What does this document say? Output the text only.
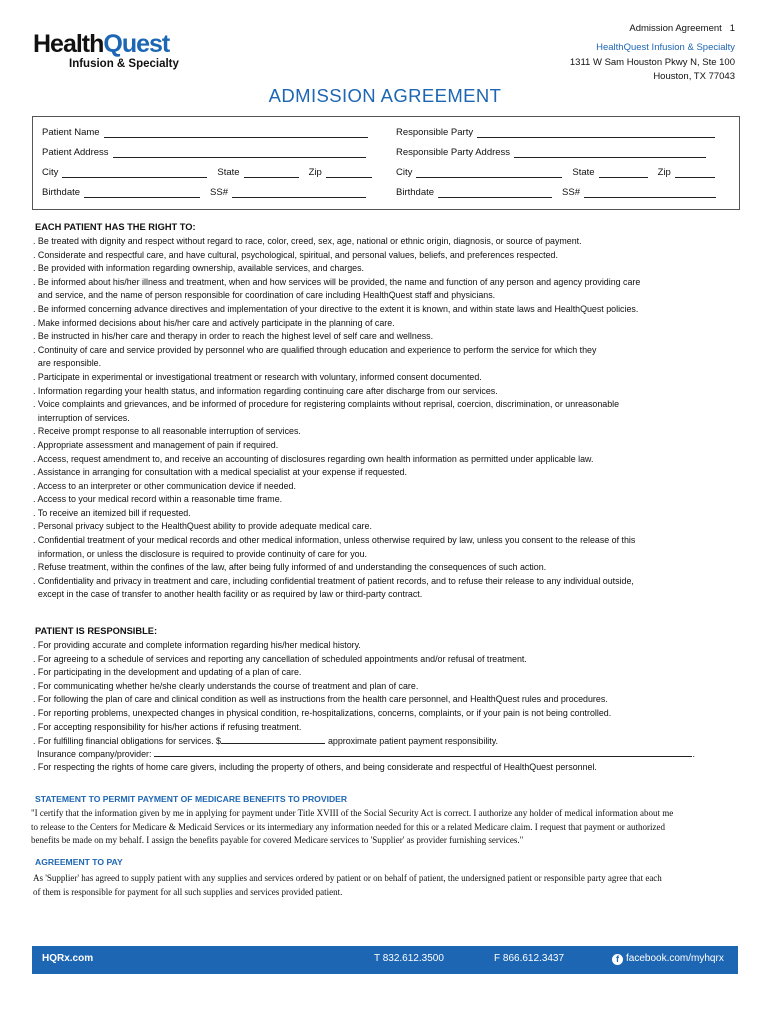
HealthQuest
Infusion & Specialty
Admission Agreement   1
HealthQuest Infusion & Specialty
1311 W Sam Houston Pkwy N, Ste 100
Houston, TX 77043
ADMISSION AGREEMENT
Patient Name
Patient Address
City	State	Zip
Birthdate	SS#
Responsible Party
Responsible Party Address
City	State	Zip
Birthdate	SS#
EACH PATIENT HAS THE RIGHT TO:
. Be treated with dignity and respect without regard to race, color, creed, sex, age, national or ethnic origin, diagnosis, or source of payment.
. Considerate and respectful care, and have cultural, psychological, spiritual, and personal values, beliefs, and preferences respected.
. Be provided with information regarding ownership, available services, and charges.
. Be informed about his/her illness and treatment, when and how services will be provided, the name and function of any person and agency providing care
and service, and the name of person responsible for coordination of care including HealthQuest staff and physicians.
. Be informed concerning advance directives and implementation of your directive to the extent it is known, and within state laws and HealthQuest policies.
. Make informed decisions about his/her care and actively participate in the planning of care.
. Be instructed in his/her care and therapy in order to reach the highest level of self care and wellness.
. Continuity of care and service provided by personnel who are qualified through education and experience to perform the service for which they
are responsible.
. Participate in experimental or investigational treatment or research with voluntary, informed consent documented.
. Information regarding your health status, and information regarding continuing care after discharge from our services.
. Voice complaints and grievances, and be informed of procedure for registering complaints without reprisal, coercion, discrimination, or unreasonable
interruption of services.
. Receive prompt response to all reasonable interruption of services.
. Appropriate assessment and management of pain if required.
. Access, request amendment to, and receive an accounting of disclosures regarding own health information as permitted under applicable law.
. Assistance in arranging for consultation with a medical specialist at your expense if requested.
. Access to an interpreter or other communication device if needed.
. Access to your medical record within a reasonable time frame.
. To receive an itemized bill if requested.
. Personal privacy subject to the HealthQuest ability to provide adequate medical care.
. Confidential treatment of your medical records and other medical information, unless otherwise required by law, unless you consent to the release of this
information, or unless the disclosure is required to provide continuity of care for you.
. Refuse treatment, within the confines of the law, after being fully informed of and understanding the consequences of such action.
. Confidentiality and privacy in treatment and care, including confidential treatment of patient records, and to refuse their release to any individual outside,
except in the case of transfer to another health facility or as required by law or third-party contract.
PATIENT IS RESPONSIBLE:
. For providing accurate and complete information regarding his/her medical history.
. For agreeing to a schedule of services and reporting any cancellation of scheduled appointments and/or refusal of treatment.
. For participating in the development and updating of a plan of care.
. For communicating whether he/she clearly understands the course of treatment and plan of care.
. For following the plan of care and clinical condition as well as instructions from the health care personnel, and HealthQuest rules and procedures.
. For reporting problems, unexpected changes in physical condition, re-hospitalizations, concerns, complaints, or if your pain is not being controlled.
. For accepting responsibility for his/her actions if refusing treatment.
. For fulfilling financial obligations for services. $	approximate patient payment responsibility.
Insurance company/provider:	.
. For respecting the rights of home care givers, including the property of others, and being considerate and respectful of HealthQuest personnel.
STATEMENT TO PERMIT PAYMENT OF MEDICARE BENEFITS TO PROVIDER
"I certify that the information given by me in applying for payment under Title XVIII of the Social Security Act is correct. I authorize any holder of medical information about me
to release to the Centers for Medicare & Medicaid Services or its intermediary any information needed for this or a related Medicare claim. I request that payment or authorized
benefits be made on my behalf. I assign the benefits payable for covered Medicare services to 'Supplier' as provider furnishing services."
AGREEMENT TO PAY
As 'Supplier' has agreed to supply patient with any supplies and services ordered by patient or on behalf of patient, the undersigned patient or responsible party agree that each
of them is responsible for payment for all such supplies and services provided patient.
HQRx.com	T 832.612.3500	F 866.612.3437	f facebook.com/myhqrx
